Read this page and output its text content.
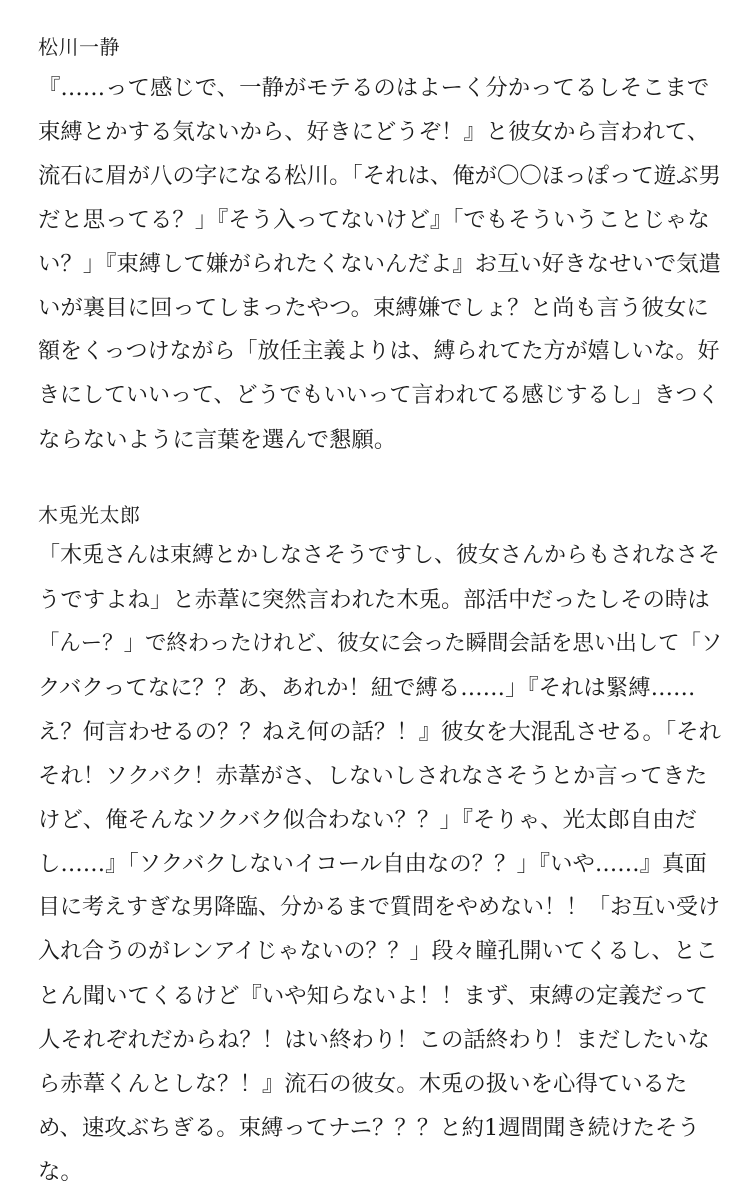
松川一静
『……って感じで、一静がモテるのはよーく分かってるしそこまで
束縛とかする気ないから、好きにどうぞ！』と彼女から言われて、
流石に眉が八の字になる松川。「それは、俺が〇〇ほっぽって遊ぶ男
だと思ってる？」『そう入ってないけど』「でもそういうことじゃな
い？」『束縛して嫌がられたくないんだよ』お互い好きなせいで気遣
いが裏目に回ってしまったやつ。束縛嫌でしょ？と尚も言う彼女に
額をくっつけながら「放任主義よりは、縛られてた方が嬉しいな。好
きにしていいって、どうでもいいって言われてる感じするし」きつく
ならないように言葉を選んで懇願。
木兎光太郎
「木兎さんは束縛とかしなさそうですし、彼女さんからもされなさそ
うですよね」と赤葦に突然言われた木兎。部活中だったしその時は
「んー？」で終わったけれど、彼女に会った瞬間会話を思い出して「ソ
クバクってなに？？あ、あれか！紐で縛る……」『それは緊縛……
え？何言わせるの？？ねえ何の話？！』彼女を大混乱させる。「それ
それ！ソクバク！赤葦がさ、しないしされなさそうとか言ってきた
けど、俺そんなソクバク似合わない？？」『そりゃ、光太郎自由だ
し……』「ソクバクしないイコール自由なの？？」『いや……』真面
目に考えすぎな男降臨、分かるまで質問をやめない！！「お互い受け
入れ合うのがレンアイじゃないの？？」段々瞳孔開いてくるし、とこ
とん聞いてくるけど『いや知らないよ！！まず、束縛の定義だって
人それぞれだからね？！はい終わり！この話終わり！まだしたいな
ら赤葦くんとしな？！』流石の彼女。木兎の扱いを心得ているた
め、速攻ぶちぎる。束縛ってナニ？？？と約1週間聞き続けたそう
な。
